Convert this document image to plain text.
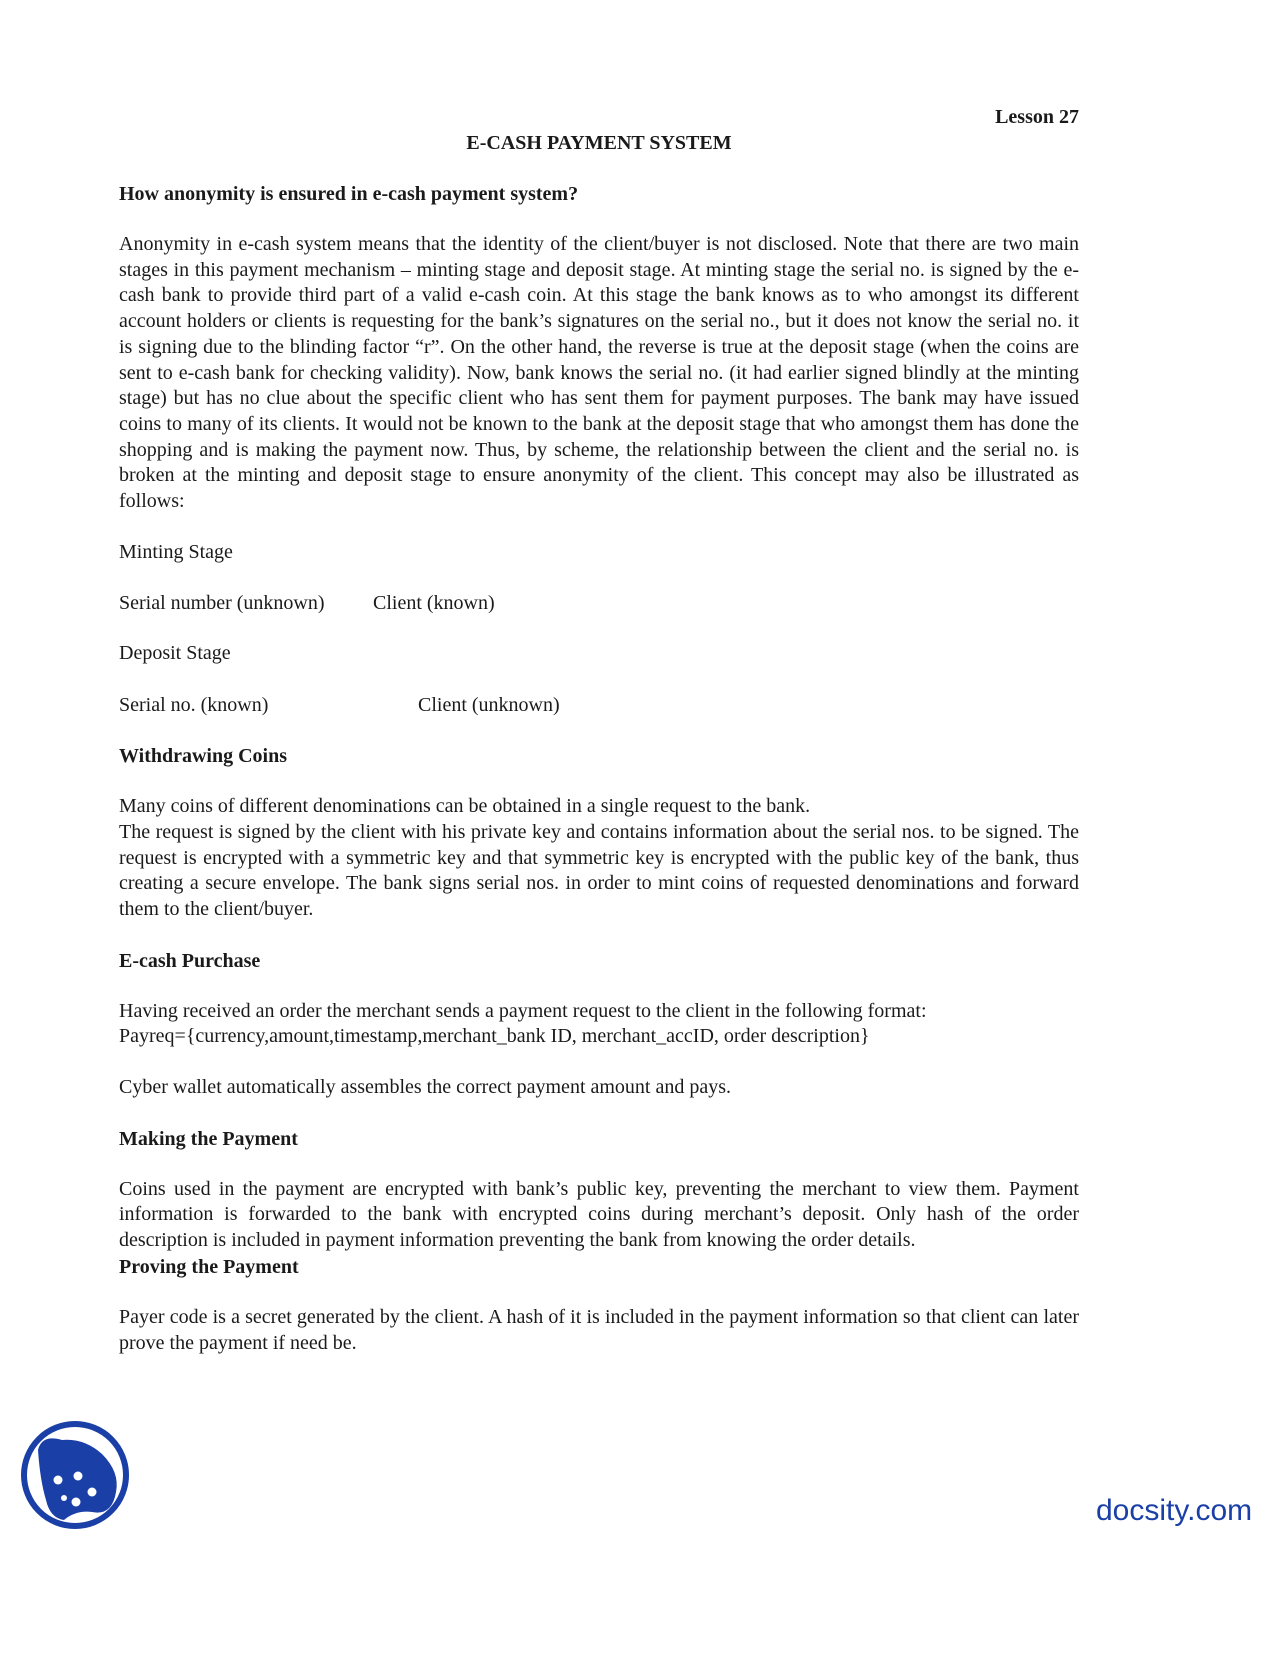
Lesson 27
E-CASH PAYMENT SYSTEM
How anonymity is ensured in e-cash payment system?

Anonymity in e-cash system means that the identity of the client/buyer is not disclosed. Note that there are two main stages in this payment mechanism – minting stage and deposit stage. At minting stage the serial no. is signed by the e-cash bank to provide third part of a valid e-cash coin. At this stage the bank knows as to who amongst its different account holders or clients is requesting for the bank’s signatures on the serial no., but it does not know the serial no. it is signing due to the blinding factor “r”. On the other hand, the reverse is true at the deposit stage (when the coins are sent to e-cash bank for checking validity). Now, bank knows the serial no. (it had earlier signed blindly at the minting stage) but has no clue about the specific client who has sent them for payment purposes. The bank may have issued coins to many of its clients. It would not be known to the bank at the deposit stage that who amongst them has done the shopping and is making the payment now. Thus, by scheme, the relationship between the client and the serial no. is broken at the minting and deposit stage to ensure anonymity of the client. This concept may also be illustrated as follows:

Minting Stage

Serial number (unknown)	Client (known)

Deposit Stage

Serial no. (known)	Client (unknown)
Withdrawing Coins

Many coins of different denominations can be obtained in a single request to the bank.

The request is signed by the client with his private key and contains information about the serial nos. to be signed. The request is encrypted with a symmetric key and that symmetric key is encrypted with the public key of the bank, thus creating a secure envelope. The bank signs serial nos. in order to mint coins of requested denominations and forward them to the client/buyer.

E-cash Purchase

Having received an order the merchant sends a payment request to the client in the following format:

Payreq={currency,amount,timestamp,merchant_bank ID, merchant_accID, order description}

Cyber wallet automatically assembles the correct payment amount and pays.

Making the Payment

Coins used in the payment are encrypted with bank’s public key, preventing the merchant to view them. Payment information is forwarded to the bank with encrypted coins during merchant’s deposit. Only hash of the order description is included in payment information preventing the bank from knowing the order details.

Proving the Payment

Payer code is a secret generated by the client. A hash of it is included in the payment information so that client can later prove the payment if need be.

docsity.com
